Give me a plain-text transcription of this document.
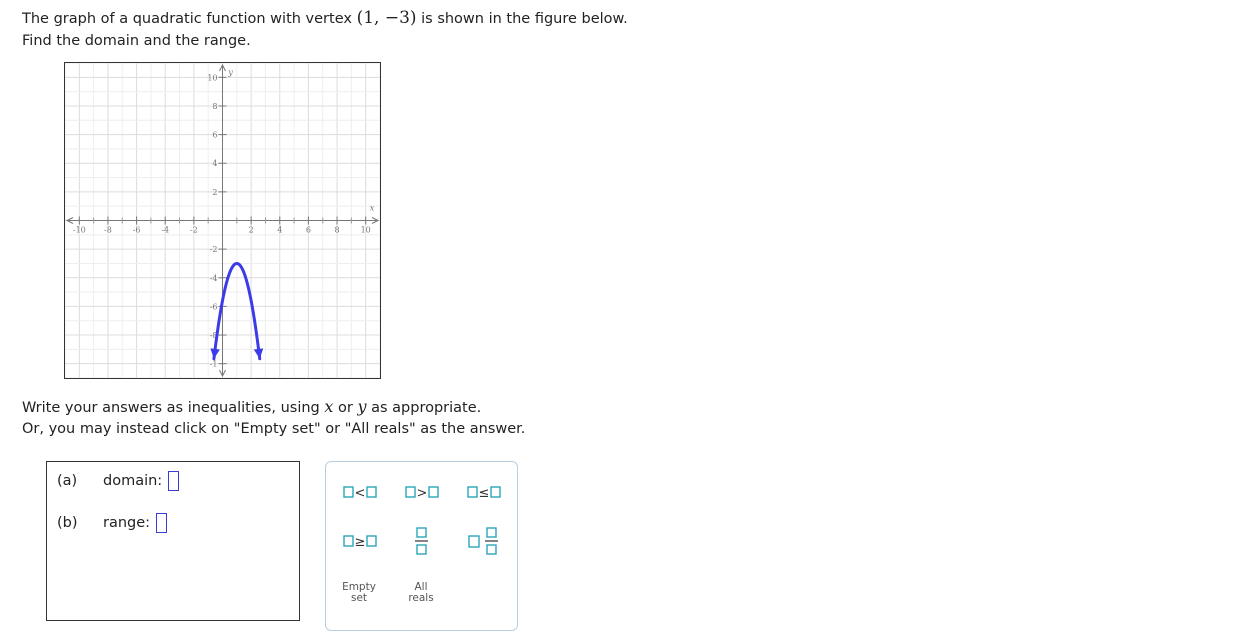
The graph of a quadratic function with vertex (1, −3) is shown in the figure below.
Find the domain and the range.
-10 -8	-6	-4	-2	2	4	6	8	10
10
8
6
4
2
-2
-4
-6
-8
-1
x
y
Write your answers as inequalities, using x or y as appropriate.
Or, you may instead click on "Empty set" or "All reals" as the answer.
(a)	domain:
(b)	range:
<	>	≤
≥
Empty
set
All
reals
